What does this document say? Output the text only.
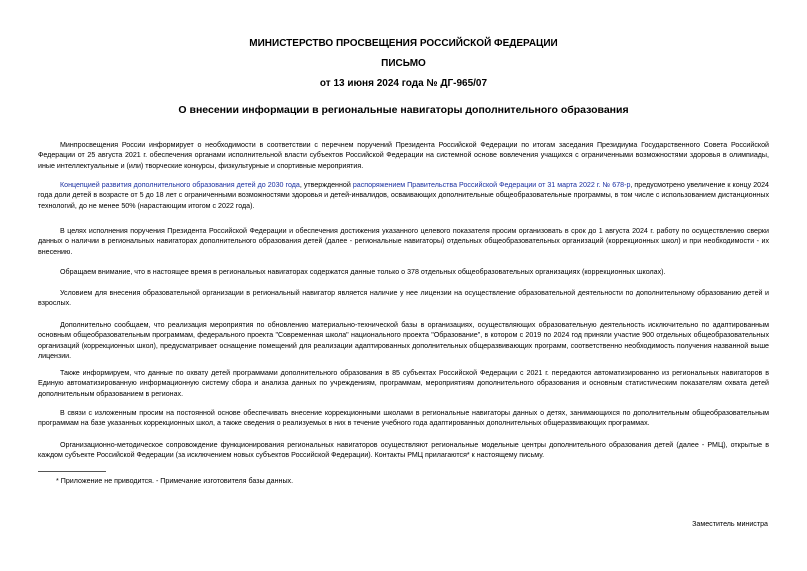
МИНИСТЕРСТВО ПРОСВЕЩЕНИЯ РОССИЙСКОЙ ФЕДЕРАЦИИ
ПИСЬМО
от 13 июня 2024 года № ДГ-965/07
О внесении информации в региональные навигаторы дополнительного образования
Минпросвещения России информирует о необходимости в соответствии с перечнем поручений Президента Российской Федерации по итогам заседания Президиума Государственного Совета Российской Федерации от 25 августа 2021 г. обеспечения органами исполнительной власти субъектов Российской Федерации на системной основе вовлечения учащихся с ограниченными возможностями здоровья в олимпиады, иные интеллектуальные и (или) творческие конкурсы, физкультурные и спортивные мероприятия.
Концепцией развития дополнительного образования детей до 2030 года, утвержденной распоряжением Правительства Российской Федерации от 31 марта 2022 г. № 678-р, предусмотрено увеличение к концу 2024 года доли детей в возрасте от 5 до 18 лет с ограниченными возможностями здоровья и детей-инвалидов, осваивающих дополнительные общеобразовательные программы, в том числе с использованием дистанционных технологий, до не менее 50% (нарастающим итогом с 2022 года).
В целях исполнения поручения Президента Российской Федерации и обеспечения достижения указанного целевого показателя просим организовать в срок до 1 августа 2024 г. работу по осуществлению сверки данных о наличии в региональных навигаторах дополнительного образования детей (далее - региональные навигаторы) отдельных общеобразовательных организаций (коррекционных школ) и при необходимости - их внесению.
Обращаем внимание, что в настоящее время в региональных навигаторах содержатся данные только о 378 отдельных общеобразовательных организациях (коррекционных школах).
Условием для внесения образовательной организации в региональный навигатор является наличие у нее лицензии на осуществление образовательной деятельности по дополнительному образованию детей и взрослых.
Дополнительно сообщаем, что реализация мероприятия по обновлению материально-технической базы в организациях, осуществляющих образовательную деятельность исключительно по адаптированным основным общеобразовательным программам, федерального проекта "Современная школа" национального проекта "Образование", в котором с 2019 по 2024 год приняли участие 900 отдельных общеобразовательных организаций (коррекционных школ), предусматривает оснащение помещений для реализации адаптированных дополнительных общеразвивающих программ, соответственно необходимость получения названной выше лицензии.
Также информируем, что данные по охвату детей программами дополнительного образования в 85 субъектах Российской Федерации с 2021 г. передаются автоматизированно из региональных навигаторов в Единую автоматизированную информационную систему сбора и анализа данных по учреждениям, программам, мероприятиям дополнительного образования и основным статистическим показателям охвата детей дополнительным образованием в регионах.
В связи с изложенным просим на постоянной основе обеспечивать внесение коррекционными школами в региональные навигаторы данных о детях, занимающихся по дополнительным общеобразовательным программам на базе указанных коррекционных школ, а также сведения о реализуемых в них в течение учебного года адаптированных дополнительных общеразвивающих программах.
Организационно-методическое сопровождение функционирования региональных навигаторов осуществляют региональные модельные центры дополнительного образования детей (далее - РМЦ), открытые в каждом субъекте Российской Федерации (за исключением новых субъектов Российской Федерации). Контакты РМЦ прилагаются* к настоящему письму.
* Приложение не приводится. - Примечание изготовителя базы данных.
Заместитель министра
